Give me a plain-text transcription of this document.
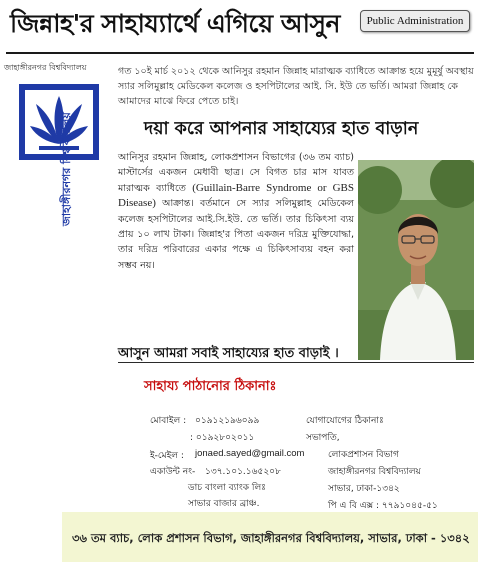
জিন্নাহ'র সাহায্যার্থে এগিয়ে আসুন	Public Administration
জাহাঙ্গীরনগর বিশ্ববিদ্যালয়
জাহাঙ্গীরনগর বিশ্ববিদ্যালয়
গত ১০ই মার্চ ২০১২ থেকে আনিসুর রহমান জিন্নাহ মারাত্মক ব্যাধিতে আক্রান্ত হয়ে মুমূর্ষু অবস্থায় স্যার সলিমুল্লাহ মেডিকেল কলেজ ও হসপিটালের আই. সি. ইউ তে ভর্তি। আমরা জিন্নাহ কে আমাদের মাঝে ফিরে পেতে চাই।
দয়া করে আপনার সাহায্যের হাত বাড়ান
আনিসুর রহমান জিন্নাহ, লোকপ্রশাসন বিভাগের (৩৬ তম ব্যাচ) মাস্টার্সের একজন মেধাবী ছাত্র। সে বিগত চার মাস যাবত মারাত্মক ব্যাধিতে (Guillain-Barre Syndrome or GBS Disease) আক্রান্ত। বর্তমানে সে স্যার সলিমুল্লাহ মেডিকেল কলেজ হসপিটালের আই.সি.ইউ. তে ভর্তি। তার চিকিৎসা ব্যয় প্রায় ১০ লাখ টাকা। জিন্নাহ'র পিতা একজন দরিদ্র মুক্তিযোদ্ধা, তার দরিদ্র পরিবারের একার পক্ষে এ চিকিৎসাব্যয় বহন করা সম্ভব নয়।
আসুন আমরা সবাই সাহায্যের হাত বাড়াই ।
সাহায্য পাঠানোর ঠিকানাঃ
মোবাইল : ০১৯১২১৯৬০৯৯
: ০১৯২৮০২০১১
ই-মেইল : jonaed.sayed@gmail.com
একাউন্ট নং- ১৩৭.১০১.১৬৫২০৮
ডাচ বাংলা ব্যাংক লিঃ
সাভার বাজার ব্রাঞ্চ.
যোগাযোগের ঠিকানাঃ
সভাপতি,
লোকপ্রশাসন বিভাগ
জাহাঙ্গীরনগর বিশ্ববিদ্যালয়
সাভার, ঢাকা-১৩৪২
পি এ বি এক্স : ৭৭৯১০৪৫-৫১
৩৬ তম ব্যাচ, লোক প্রশাসন বিভাগ, জাহাঙ্গীরনগর বিশ্ববিদ্যালয়, সাভার, ঢাকা - ১৩৪২
